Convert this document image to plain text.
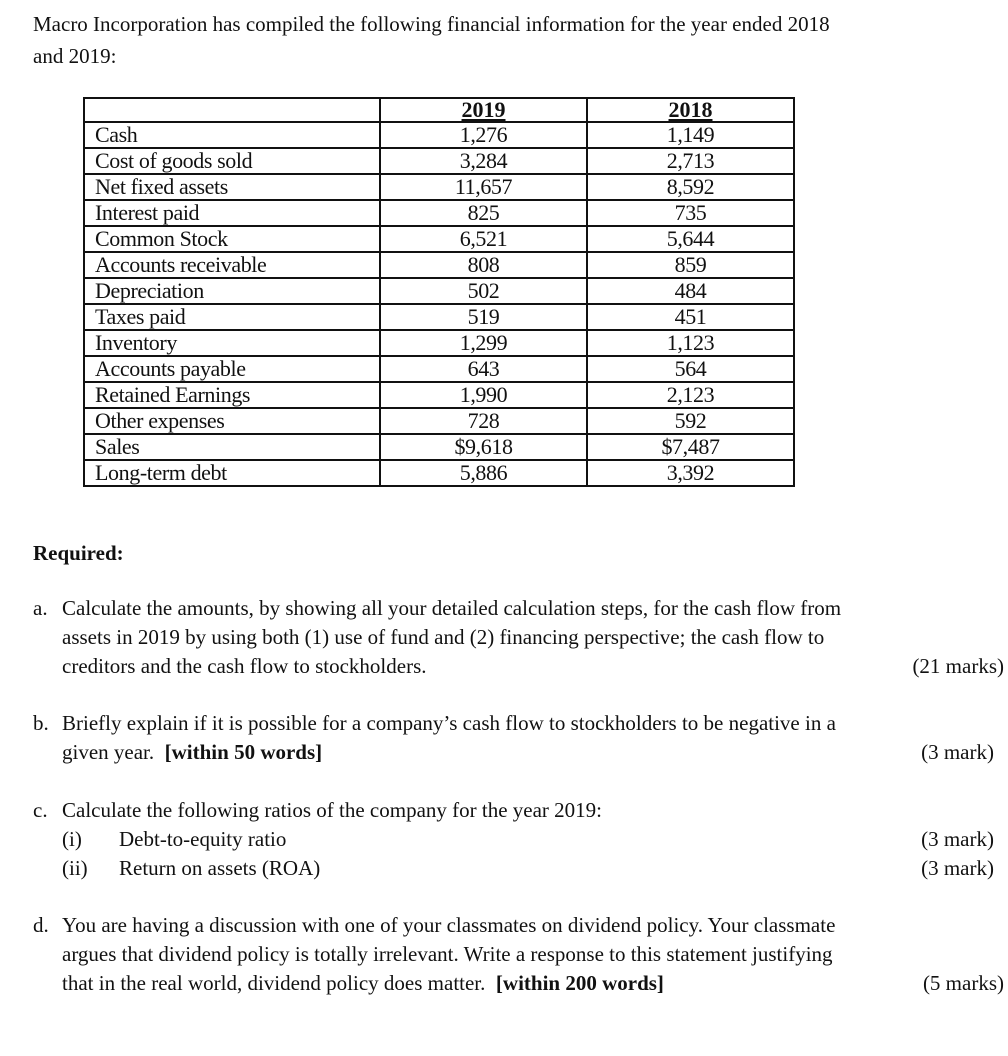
Macro Incorporation has compiled the following financial information for the year ended 2018
and 2019:
	2019	2018
Cash	1,276	1,149
Cost of goods sold	3,284	2,713
Net fixed assets	11,657	8,592
Interest paid	825	735
Common Stock	6,521	5,644
Accounts receivable	808	859
Depreciation	502	484
Taxes paid	519	451
Inventory	1,299	1,123
Accounts payable	643	564
Retained Earnings	1,990	2,123
Other expenses	728	592
Sales	$9,618	$7,487
Long-term debt	5,886	3,392
Required:
a. Calculate the amounts, by showing all your detailed calculation steps, for the cash flow from
assets in 2019 by using both (1) use of fund and (2) financing perspective; the cash flow to
creditors and the cash flow to stockholders.	(21 marks)
b. Briefly explain if it is possible for a company’s cash flow to stockholders to be negative in a
given year. [within 50 words]	(3 mark)
c. Calculate the following ratios of the company for the year 2019:
(i) Debt-to-equity ratio	(3 mark)
(ii) Return on assets (ROA)	(3 mark)
d. You are having a discussion with one of your classmates on dividend policy. Your classmate
argues that dividend policy is totally irrelevant. Write a response to this statement justifying
that in the real world, dividend policy does matter. [within 200 words]	(5 marks)
